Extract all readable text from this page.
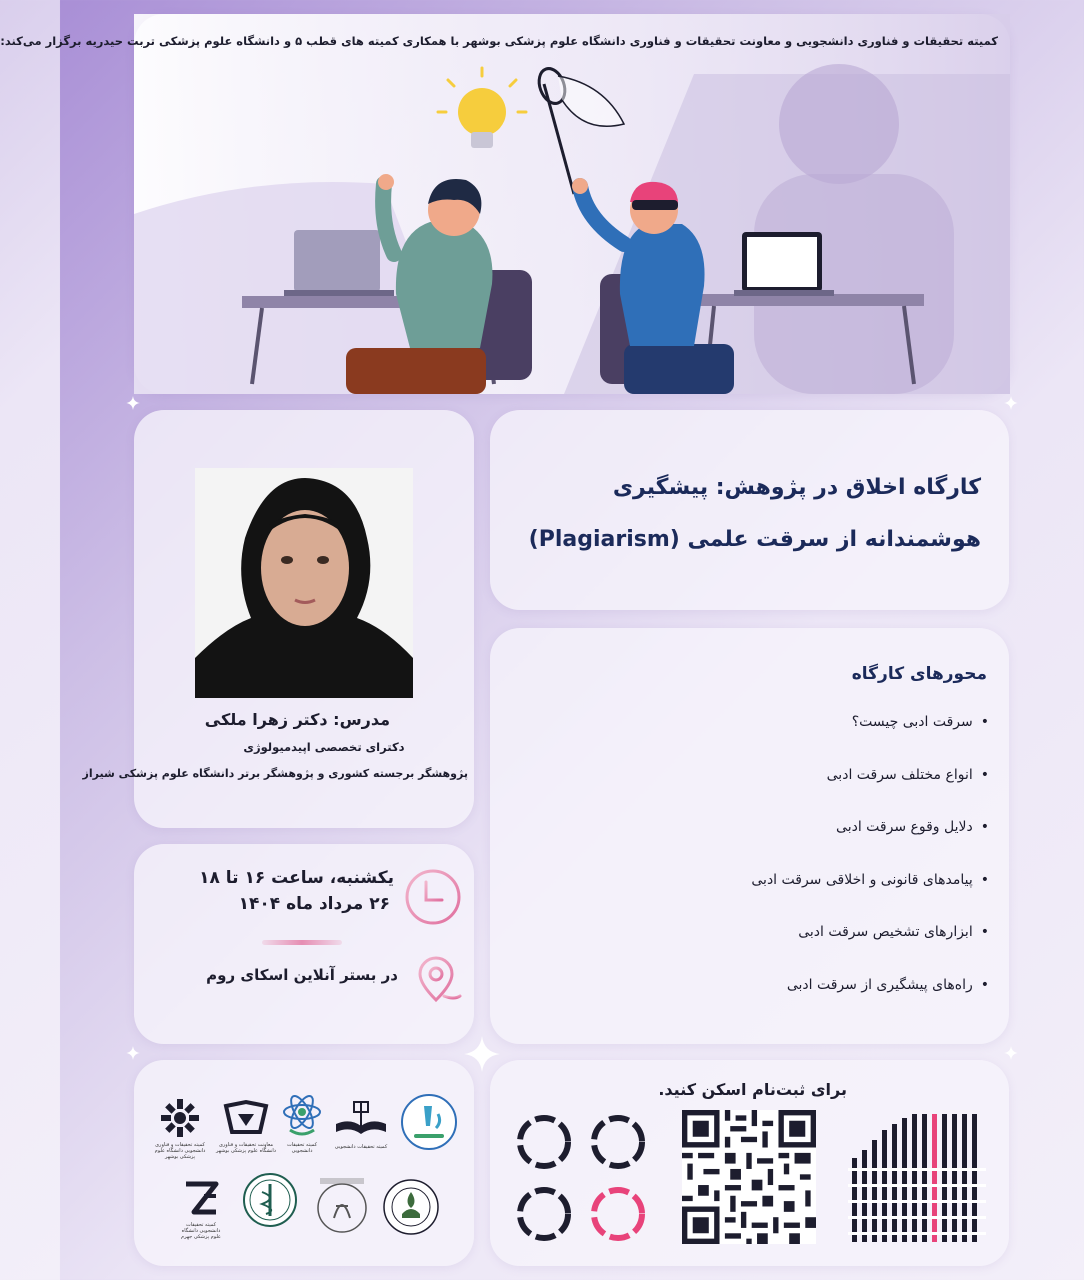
کمیته تحقیقات و فناوری دانشجویی و معاونت تحقیقات و فناوری دانشگاه علوم پزشکی بوشهر با همکاری کمیته های قطب ۵ و دانشگاه علوم پزشکی تربت حیدریه برگزار می‌کند:
کارگاه اخلاق در پژوهش: پیشگیری هوشمندانه از سرقت علمی (Plagiarism)
محورهای کارگاه
•سرقت ادبی چیست؟
•انواع مختلف سرقت ادبی
•دلایل وقوع سرقت ادبی
•پیامدهای قانونی و اخلاقی سرقت ادبی
•ابزارهای تشخیص سرقت ادبی
•راه‌های پیشگیری از سرقت ادبی
مدرس: دکتر زهرا ملکی
دکترای تخصصی اپیدمیولوژی
پژوهشگر برجسته کشوری و پژوهشگر برتر دانشگاه علوم پزشکی شیراز
یکشنبه، ساعت ۱۶ تا ۱۸
۲۶ مرداد ماه ۱۴۰۴
در بستر آنلاین اسکای روم
کمیته تحقیقات و فناوری دانشجویی دانشگاه علوم پزشکی بوشهر
معاونت تحقیقات و فناوری دانشگاه علوم پزشکی بوشهر
کمیته تحقیقات دانشجویی
کمیته تحقیقات دانشجویی
کمیته تحقیقات دانشجویی دانشگاه علوم پزشکی جهرم
برای ثبت‌نام اسکن کنید.
